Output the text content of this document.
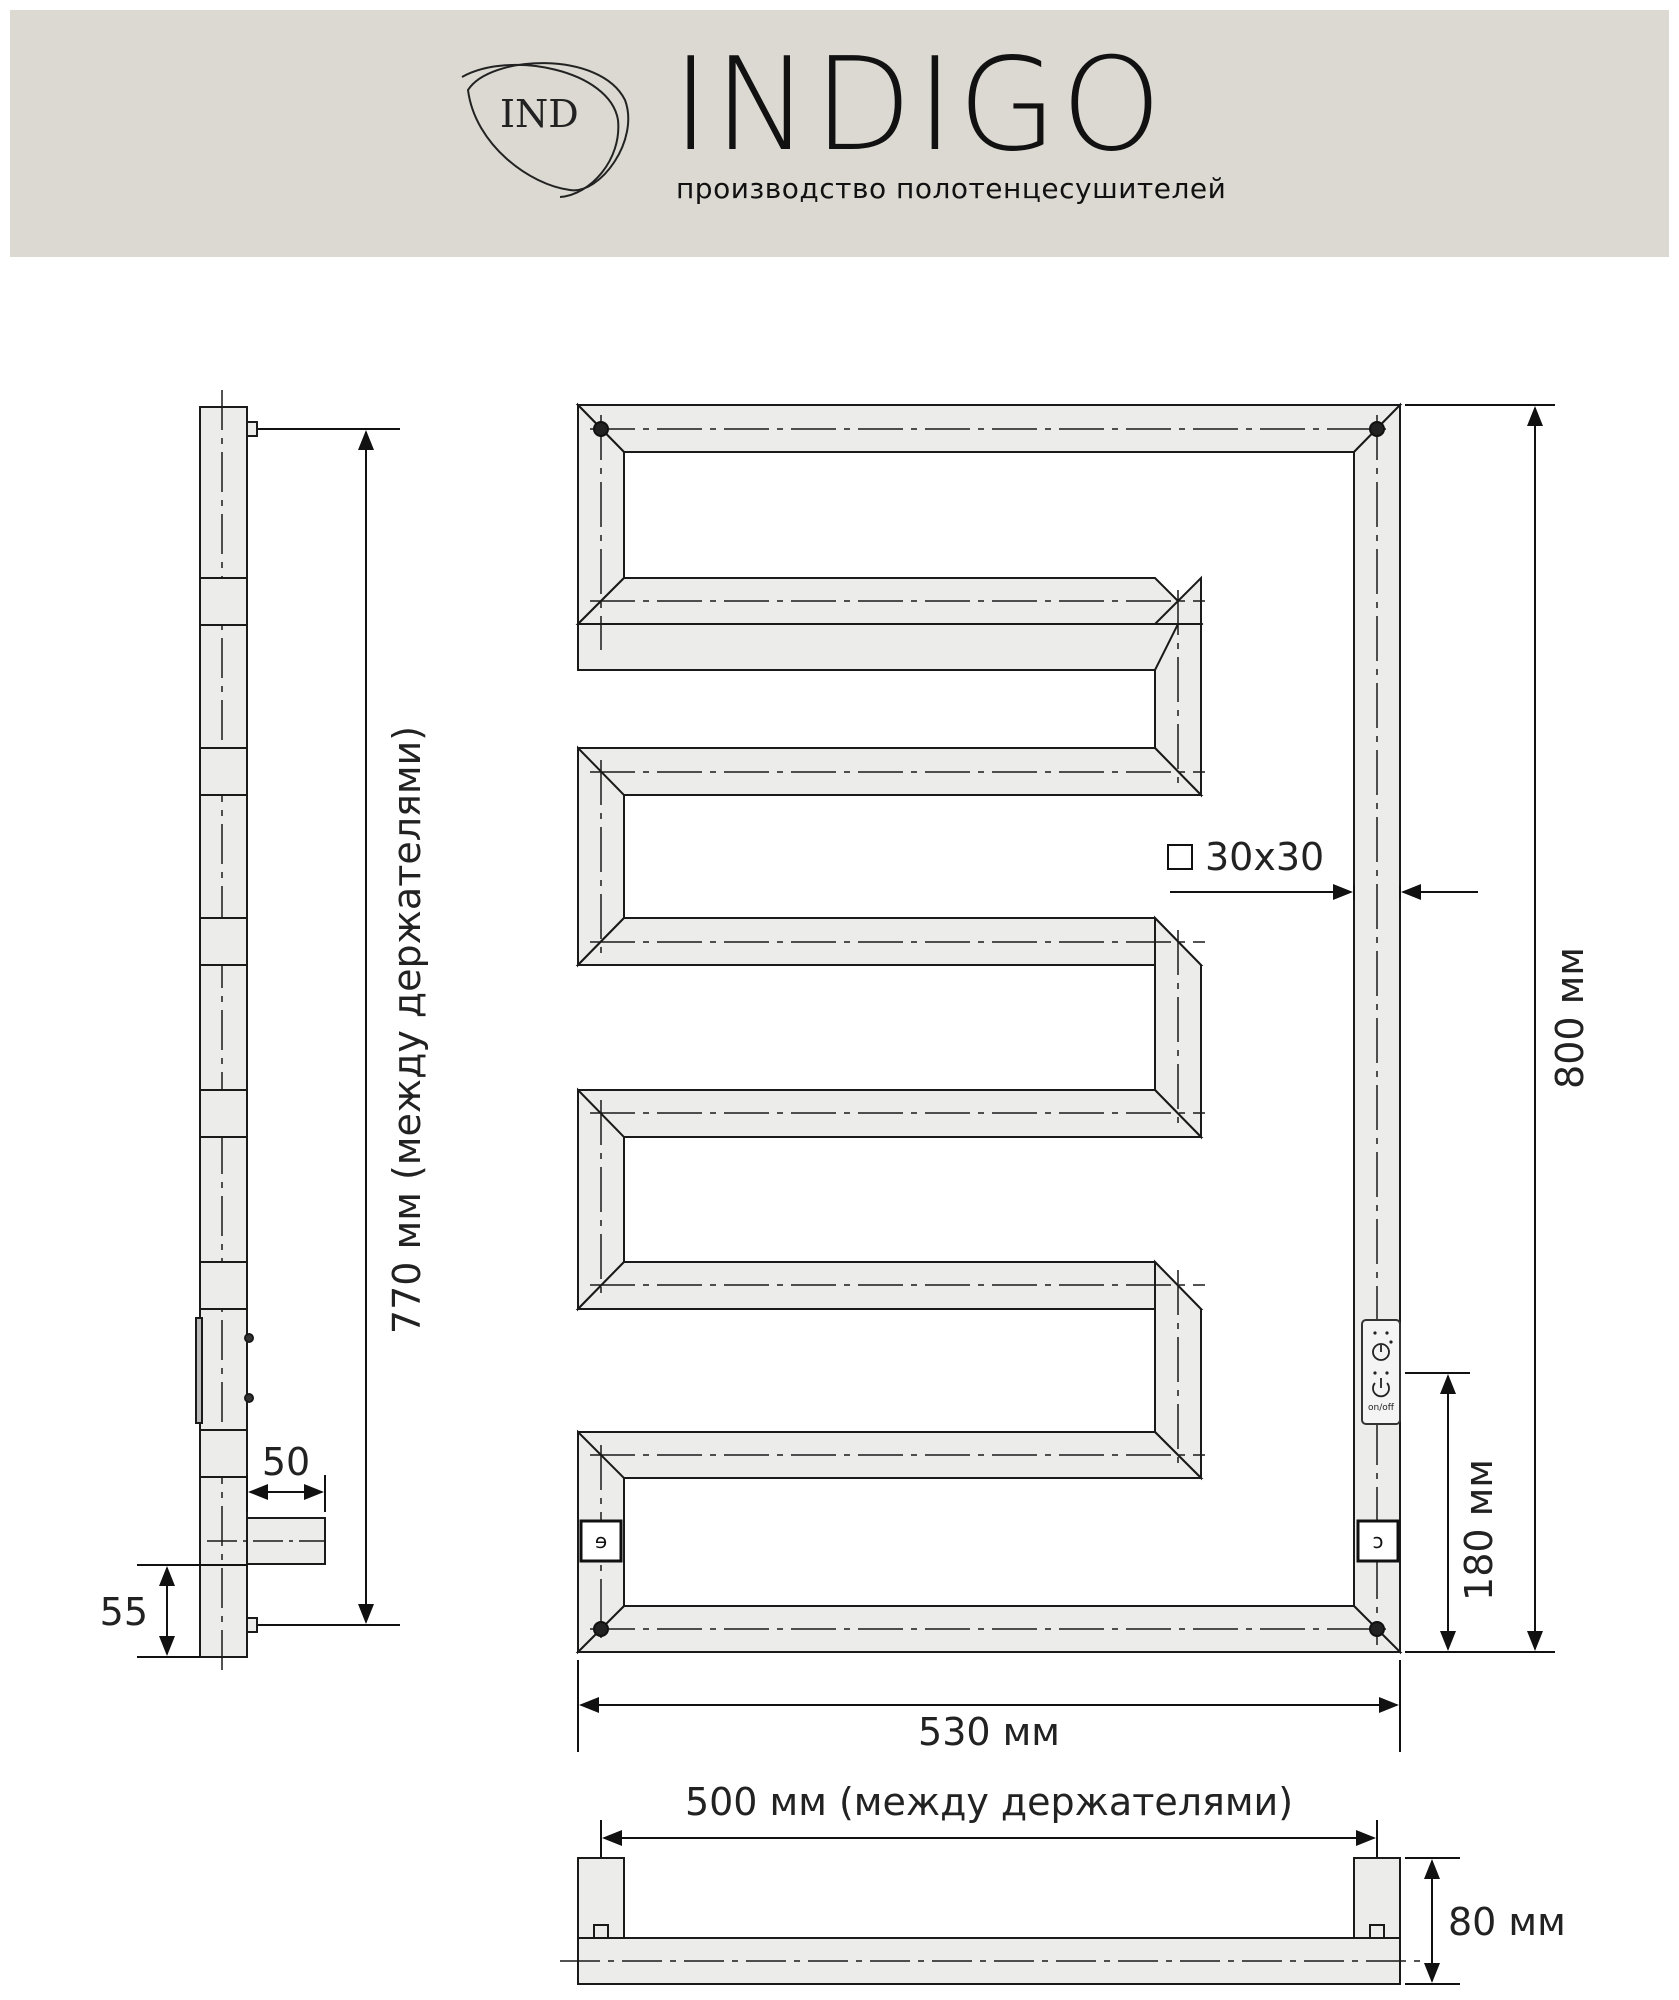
IND INDIGO
производство полотенцесушителей
770 мм (между держателями)
50
55
ɘ	ɔ
on/off
30x30
800 мм
180 мм
530 мм
500 мм (между держателями)
80 мм
